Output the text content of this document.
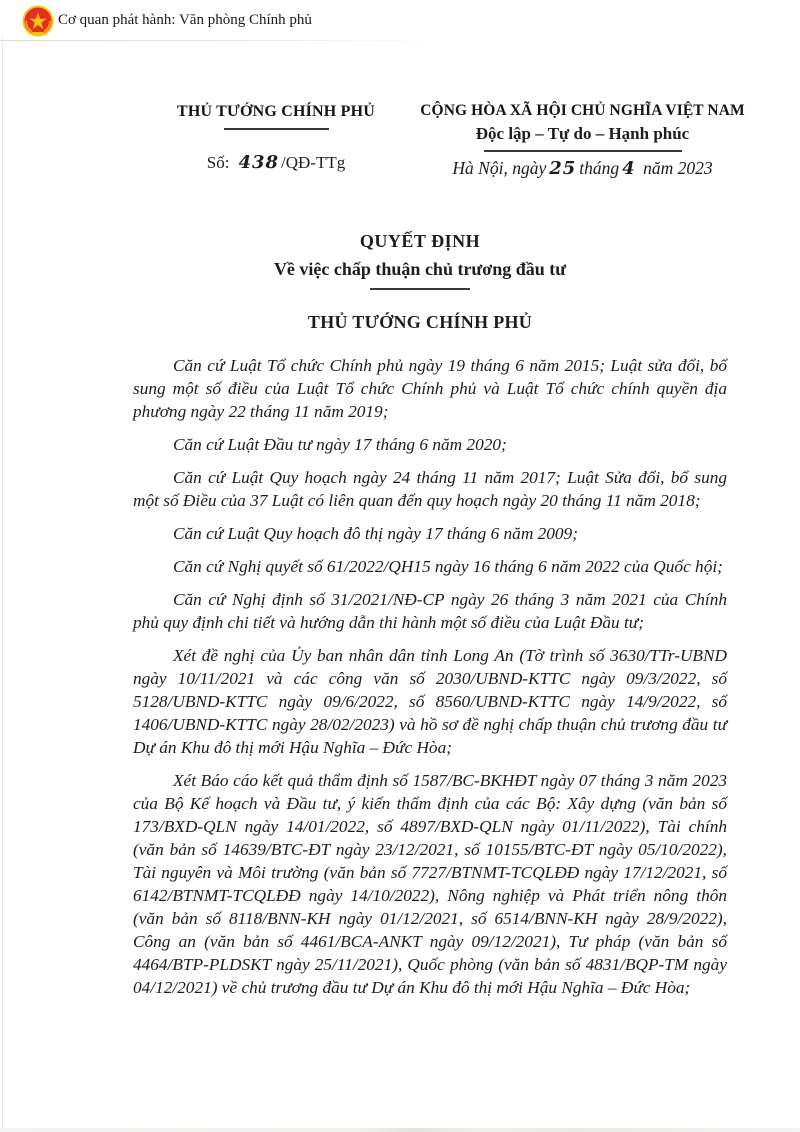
Cơ quan phát hành: Văn phòng Chính phủ
THỦ TƯỚNG CHÍNH PHỦ
Số: 438 /QĐ-TTg
CỘNG HÒA XÃ HỘI CHỦ NGHĨA VIỆT NAM
Độc lập – Tự do – Hạnh phúc
Hà Nội, ngày 25 tháng 4 năm 2023
QUYẾT ĐỊNH
Về việc chấp thuận chủ trương đầu tư
THỦ TƯỚNG CHÍNH PHỦ

Căn cứ Luật Tổ chức Chính phủ ngày 19 tháng 6 năm 2015; Luật sửa đổi, bổ sung một số điều của Luật Tổ chức Chính phủ và Luật Tổ chức chính quyền địa phương ngày 22 tháng 11 năm 2019;

Căn cứ Luật Đầu tư ngày 17 tháng 6 năm 2020;

Căn cứ Luật Quy hoạch ngày 24 tháng 11 năm 2017; Luật Sửa đổi, bổ sung một số Điều của 37 Luật có liên quan đến quy hoạch ngày 20 tháng 11 năm 2018;

Căn cứ Luật Quy hoạch đô thị ngày 17 tháng 6 năm 2009;

Căn cứ Nghị quyết số 61/2022/QH15 ngày 16 tháng 6 năm 2022 của Quốc hội;

Căn cứ Nghị định số 31/2021/NĐ-CP ngày 26 tháng 3 năm 2021 của Chính phủ quy định chi tiết và hướng dẫn thi hành một số điều của Luật Đầu tư;

Xét đề nghị của Ủy ban nhân dân tỉnh Long An (Tờ trình số 3630/TTr-UBND ngày 10/11/2021 và các công văn số 2030/UBND-KTTC ngày 09/3/2022, số 5128/UBND-KTTC ngày 09/6/2022, số 8560/UBND-KTTC ngày 14/9/2022, số 1406/UBND-KTTC ngày 28/02/2023) và hồ sơ đề nghị chấp thuận chủ trương đầu tư Dự án Khu đô thị mới Hậu Nghĩa – Đức Hòa;

Xét Báo cáo kết quả thẩm định số 1587/BC-BKHĐT ngày 07 tháng 3 năm 2023 của Bộ Kế hoạch và Đầu tư, ý kiến thẩm định của các Bộ: Xây dựng (văn bản số 173/BXD-QLN ngày 14/01/2022, số 4897/BXD-QLN ngày 01/11/2022), Tài chính (văn bản số 14639/BTC-ĐT ngày 23/12/2021, số 10155/BTC-ĐT ngày 05/10/2022), Tài nguyên và Môi trường (văn bản số 7727/BTNMT-TCQLĐĐ ngày 17/12/2021, số 6142/BTNMT-TCQLĐĐ ngày 14/10/2022), Nông nghiệp và Phát triển nông thôn (văn bản số 8118/BNN-KH ngày 01/12/2021, số 6514/BNN-KH ngày 28/9/2022), Công an (văn bản số 4461/BCA-ANKT ngày 09/12/2021), Tư pháp (văn bản số 4464/BTP-PLDSKT ngày 25/11/2021), Quốc phòng (văn bản số 4831/BQP-TM ngày 04/12/2021) về chủ trương đầu tư Dự án Khu đô thị mới Hậu Nghĩa – Đức Hòa;
